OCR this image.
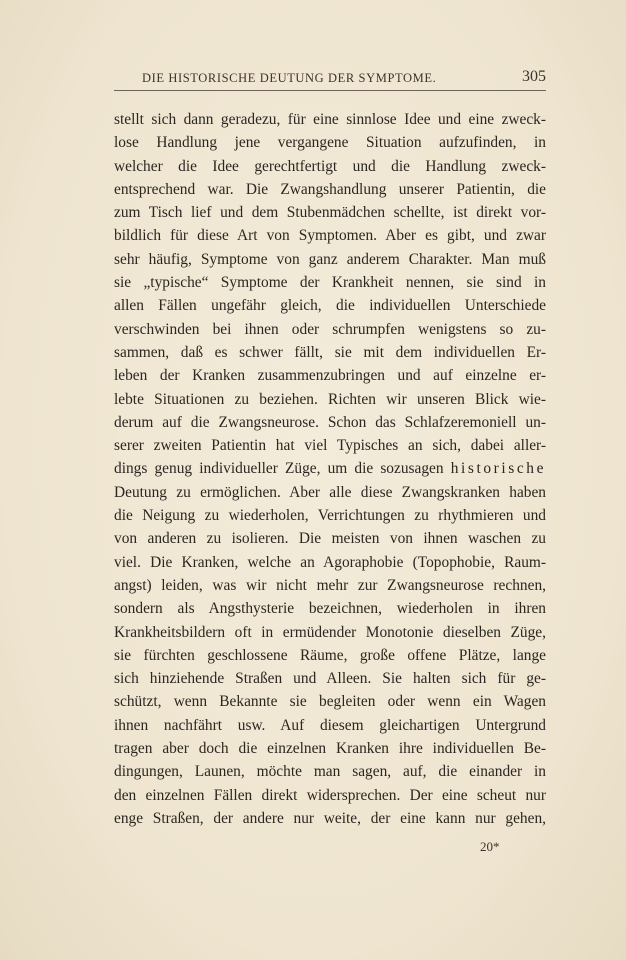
DIE HISTORISCHE DEUTUNG DER SYMPTOME.	305
stellt sich dann geradezu, für eine sinnlose Idee und eine zweck-
lose Handlung jene vergangene Situation aufzufinden, in
welcher die Idee gerechtfertigt und die Handlung zweck-
entsprechend war. Die Zwangshandlung unserer Patientin, die
zum Tisch lief und dem Stubenmädchen schellte, ist direkt vor-
bildlich für diese Art von Symptomen. Aber es gibt, und zwar
sehr häufig, Symptome von ganz anderem Charakter. Man muß
sie „typische“ Symptome der Krankheit nennen, sie sind in
allen Fällen ungefähr gleich, die individuellen Unterschiede
verschwinden bei ihnen oder schrumpfen wenigstens so zu-
sammen, daß es schwer fällt, sie mit dem individuellen Er-
leben der Kranken zusammenzubringen und auf einzelne er-
lebte Situationen zu beziehen. Richten wir unseren Blick wie-
derum auf die Zwangsneurose. Schon das Schlafzeremoniell un-
serer zweiten Patientin hat viel Typisches an sich, dabei aller-
dings genug individueller Züge, um die sozusagen historische
Deutung zu ermöglichen. Aber alle diese Zwangskranken haben
die Neigung zu wiederholen, Verrichtungen zu rhythmieren und
von anderen zu isolieren. Die meisten von ihnen waschen zu
viel. Die Kranken, welche an Agoraphobie (Topophobie, Raum-
angst) leiden, was wir nicht mehr zur Zwangsneurose rechnen,
sondern als Angsthysterie bezeichnen, wiederholen in ihren
Krankheitsbildern oft in ermüdender Monotonie dieselben Züge,
sie fürchten geschlossene Räume, große offene Plätze, lange
sich hinziehende Straßen und Alleen. Sie halten sich für ge-
schützt, wenn Bekannte sie begleiten oder wenn ein Wagen
ihnen nachfährt usw. Auf diesem gleichartigen Untergrund
tragen aber doch die einzelnen Kranken ihre individuellen Be-
dingungen, Launen, möchte man sagen, auf, die einander in
den einzelnen Fällen direkt widersprechen. Der eine scheut nur
enge Straßen, der andere nur weite, der eine kann nur gehen,
20*
